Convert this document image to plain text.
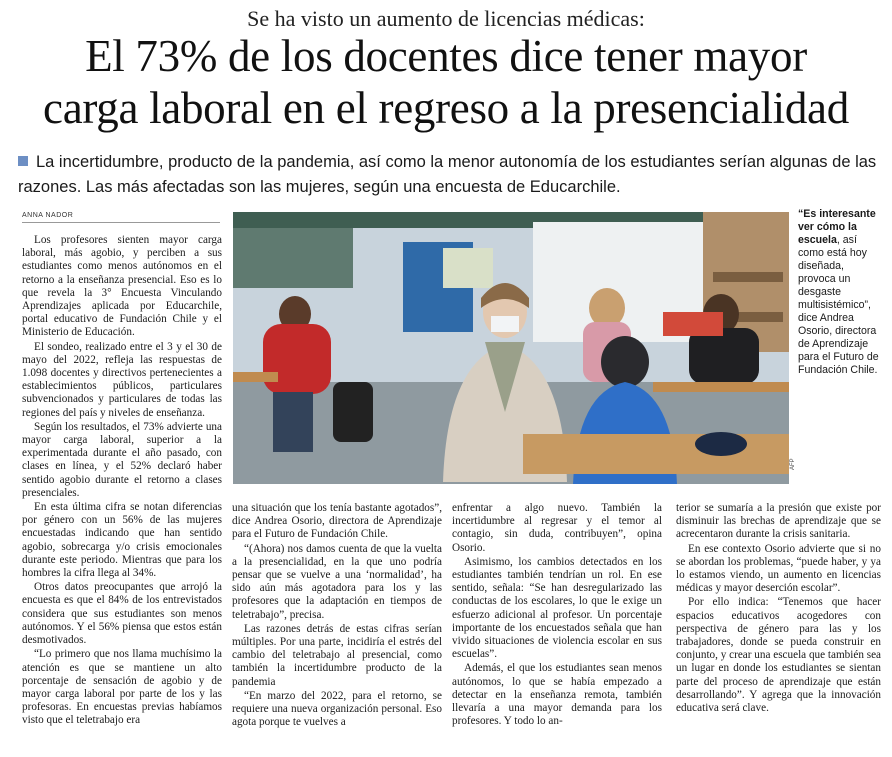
Se ha visto un aumento de licencias médicas:
El 73% de los docentes dice tener mayor
carga laboral en el regreso a la presencialidad
La incertidumbre, producto de la pandemia, así como la menor autonomía de los estudiantes serían algunas de las razones. Las más afectadas son las mujeres, según una encuesta de Educarchile.
ANNA NADOR

Los profesores sienten mayor carga laboral, más agobio, y perciben a sus estudiantes como menos autónomos en el retorno a la enseñanza presencial. Eso es lo que revela la 3° Encuesta Vinculando Aprendizajes aplicada por Educarchile, portal educativo de Fundación Chile y el Ministerio de Educación.

El sondeo, realizado entre el 3 y el 30 de mayo del 2022, refleja las respuestas de 1.098 docentes y directivos pertenecientes a establecimientos públicos, particulares subvencionados y particulares de todas las regiones del país y niveles de enseñanza.

Según los resultados, el 73% advierte una mayor carga laboral, superior a la experimentada durante el año pasado, con clases en línea, y el 52% declaró haber sentido agobio durante el retorno a clases presenciales.

En esta última cifra se notan diferencias por género con un 56% de las mujeres encuestadas indicando que han sentido agobio, sobrecarga y/o crisis emocionales durante este periodo. Mientras que para los hombres la cifra llega al 34%.

Otros datos preocupantes que arrojó la encuesta es que el 84% de los entrevistados considera que sus estudiantes son menos autónomos. Y el 56% piensa que estos están desmotivados.

“Lo primero que nos llama muchísimo la atención es que se mantiene un alto porcentaje de sensación de agobio y de mayor carga laboral por parte de los y las profesoras. En encuestas previas habíamos visto que el teletrabajo era

AFP
“Es interesante ver cómo la escuela, así como está hoy diseñada, provoca un desgaste multisistémico”, dice Andrea Osorio, directora de Aprendizaje para el Futuro de Fundación Chile.

una situación que los tenía bastante agotados”, dice Andrea Osorio, directora de Aprendizaje para el Futuro de Fundación Chile.

“(Ahora) nos damos cuenta de que la vuelta a la presencialidad, en la que uno podría pensar que se vuelve a una ‘normalidad’, ha sido aún más agotadora para los y las profesores que la adaptación en tiempos de teletrabajo”, precisa.

Las razones detrás de estas cifras serían múltiples. Por una parte, incidiría el estrés del cambio del teletrabajo al presencial, como también la incertidumbre producto de la pandemia

“En marzo del 2022, para el retorno, se requiere una nueva organización personal. Eso agota porque te vuelves a

enfrentar a algo nuevo. También la incertidumbre al regresar y el temor al contagio, sin duda, contribuyen”, opina Osorio.

Asimismo, los cambios detectados en los estudiantes también tendrían un rol. En ese sentido, señala: “Se han desregularizado las conductas de los escolares, lo que le exige un esfuerzo adicional al profesor. Un porcentaje importante de los encuestados señala que han vivido situaciones de violencia escolar en sus escuelas”.

Además, el que los estudiantes sean menos autónomos, lo que se había empezado a detectar en la enseñanza remota, también llevaría a una mayor demanda para los profesores. Y todo lo an-

terior se sumaría a la presión que existe por disminuir las brechas de aprendizaje que se acrecentaron durante la crisis sanitaria.

En ese contexto Osorio advierte que si no se abordan los problemas, “puede haber, y ya lo estamos viendo, un aumento en licencias médicas y mayor deserción escolar”.

Por ello indica: “Tenemos que hacer espacios educativos acogedores con perspectiva de género para las y los trabajadores, donde se pueda construir en conjunto, y crear una escuela que también sea un lugar en donde los estudiantes se sientan parte del proceso de aprendizaje que están desarrollando”. Y agrega que la innovación educativa será clave.
